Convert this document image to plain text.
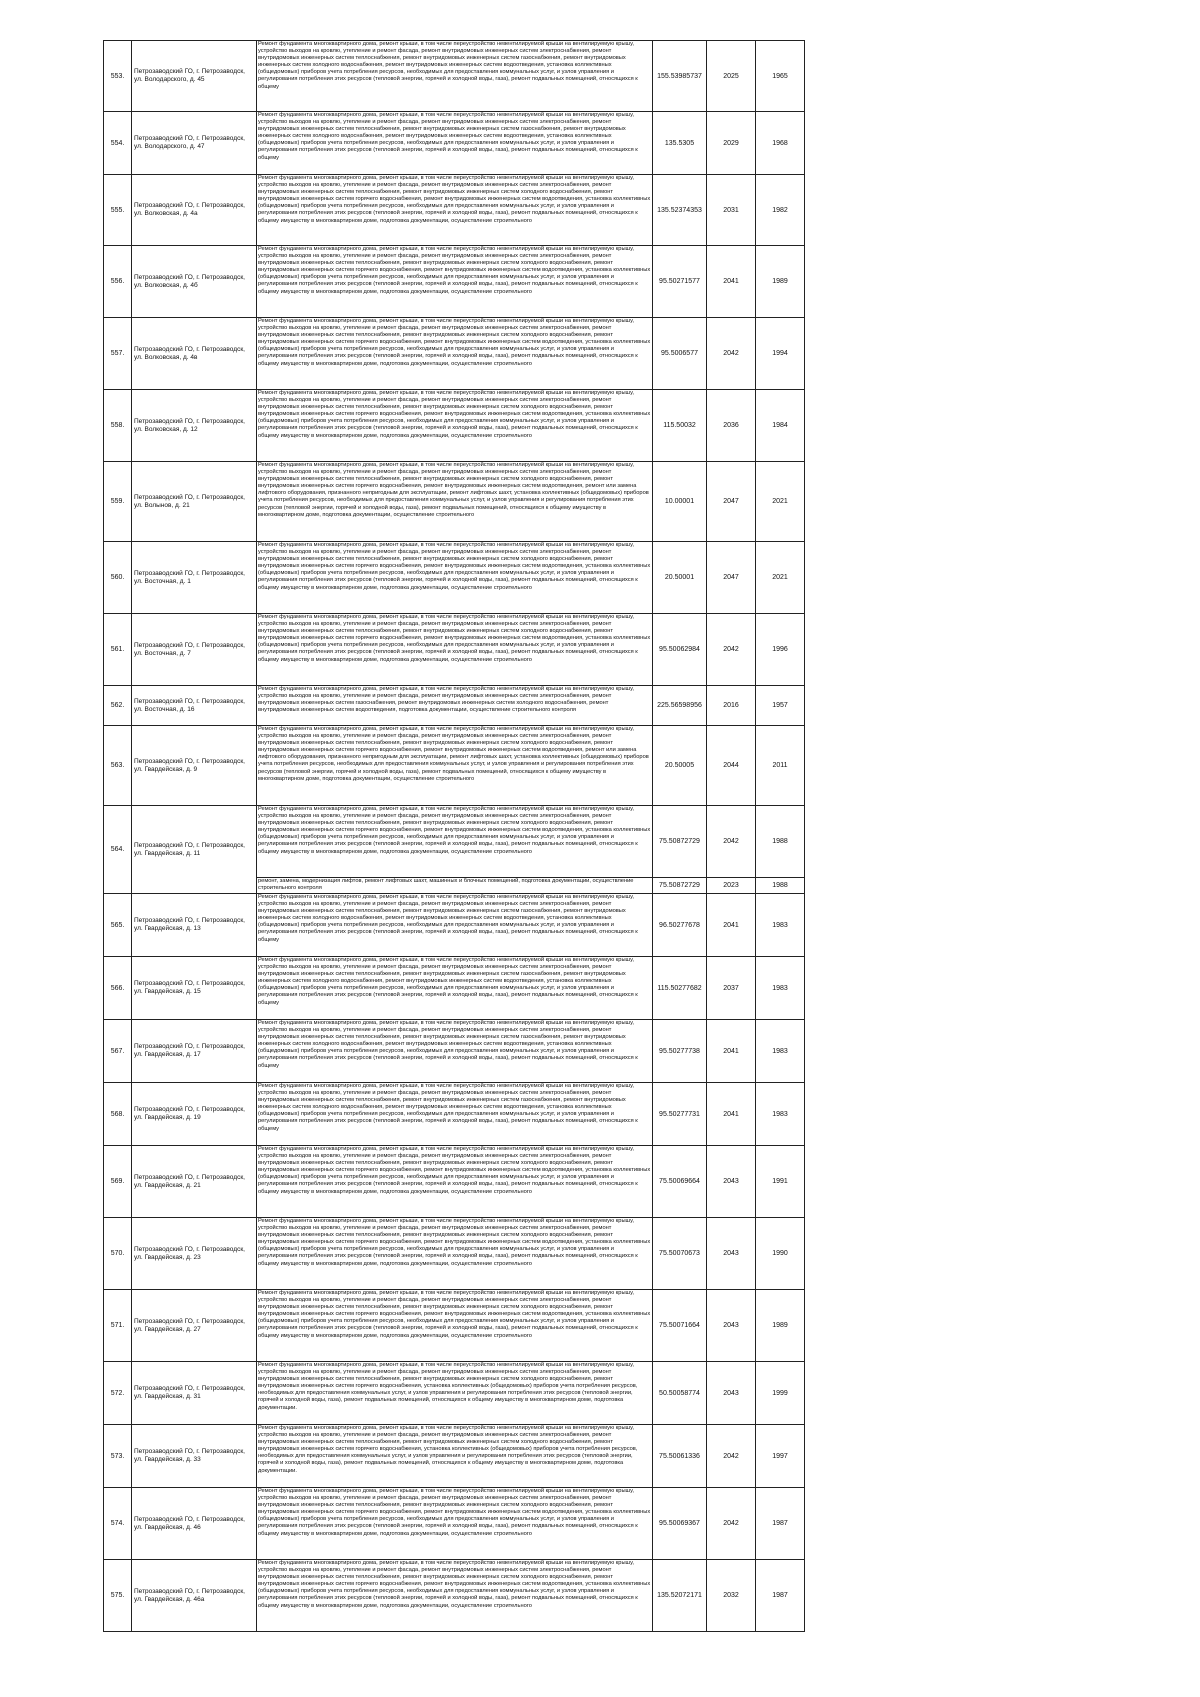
553.	Петрозаводский ГО, г. Петрозаводск, ул. Володарского, д. 45	Ремонт фундамента многоквартирного дома, ремонт крыши, в том числе переустройство невентилируемой крыши на вентилируемую крышу, устройство выходов на кровлю, утепление и ремонт фасада, ремонт внутридомовых инженерных систем электроснабжения, ремонт внутридомовых инженерных систем теплоснабжения, ремонт внутридомовых инженерных систем газоснабжения, ремонт внутридомовых инженерных систем холодного водоснабжения, ремонт внутридомовых инженерных систем водоотведения, установка коллективных (общедомовых) приборов учета потребления ресурсов, необходимых для предоставления коммунальных услуг, и узлов управления и регулирования потребления этих ресурсов (тепловой энергии, горячей и холодной воды, газа), ремонт подвальных помещений, относящихся к общему	155.53985737	2025	1965
554.	Петрозаводский ГО, г. Петрозаводск, ул. Володарского, д. 47	Ремонт фундамента многоквартирного дома, ремонт крыши, в том числе переустройство невентилируемой крыши на вентилируемую крышу, устройство выходов на кровлю, утепление и ремонт фасада, ремонт внутридомовых инженерных систем электроснабжения, ремонт внутридомовых инженерных систем теплоснабжения, ремонт внутридомовых инженерных систем газоснабжения, ремонт внутридомовых инженерных систем холодного водоснабжения, ремонт внутридомовых инженерных систем водоотведения, установка коллективных (общедомовых) приборов учета потребления ресурсов, необходимых для предоставления коммунальных услуг, и узлов управления и регулирования потребления этих ресурсов (тепловой энергии, горячей и холодной воды, газа), ремонт подвальных помещений, относящихся к общему	135.5305	2029	1968
555.	Петрозаводский ГО, г. Петрозаводск, ул. Волковская, д. 4а	Ремонт фундамента многоквартирного дома, ремонт крыши, в том числе переустройство невентилируемой крыши на вентилируемую крышу, устройство выходов на кровлю, утепление и ремонт фасада, ремонт внутридомовых инженерных систем электроснабжения, ремонт внутридомовых инженерных систем теплоснабжения, ремонт внутридомовых инженерных систем холодного водоснабжения, ремонт внутридомовых инженерных систем горячего водоснабжения, ремонт внутридомовых инженерных систем водоотведения, установка коллективных (общедомовых) приборов учета потребления ресурсов, необходимых для предоставления коммунальных услуг, и узлов управления и регулирования потребления этих ресурсов (тепловой энергии, горячей и холодной воды, газа), ремонт подвальных помещений, относящихся к общему имуществу в многоквартирном доме, подготовка документации, осуществление строительного	135.52374353	2031	1982
556.	Петрозаводский ГО, г. Петрозаводск, ул. Волковская, д. 4б	Ремонт фундамента многоквартирного дома, ремонт крыши, в том числе переустройство невентилируемой крыши на вентилируемую крышу, устройство выходов на кровлю, утепление и ремонт фасада, ремонт внутридомовых инженерных систем электроснабжения, ремонт внутридомовых инженерных систем теплоснабжения, ремонт внутридомовых инженерных систем холодного водоснабжения, ремонт внутридомовых инженерных систем горячего водоснабжения, ремонт внутридомовых инженерных систем водоотведения, установка коллективных (общедомовых) приборов учета потребления ресурсов, необходимых для предоставления коммунальных услуг, и узлов управления и регулирования потребления этих ресурсов (тепловой энергии, горячей и холодной воды, газа), ремонт подвальных помещений, относящихся к общему имуществу в многоквартирном доме, подготовка документации, осуществление строительного	95.50271577	2041	1989
557.	Петрозаводский ГО, г. Петрозаводск, ул. Волковская, д. 4в	Ремонт фундамента многоквартирного дома, ремонт крыши, в том числе переустройство невентилируемой крыши на вентилируемую крышу, устройство выходов на кровлю, утепление и ремонт фасада, ремонт внутридомовых инженерных систем электроснабжения, ремонт внутридомовых инженерных систем теплоснабжения, ремонт внутридомовых инженерных систем холодного водоснабжения, ремонт внутридомовых инженерных систем горячего водоснабжения, ремонт внутридомовых инженерных систем водоотведения, установка коллективных (общедомовых) приборов учета потребления ресурсов, необходимых для предоставления коммунальных услуг, и узлов управления и регулирования потребления этих ресурсов (тепловой энергии, горячей и холодной воды, газа), ремонт подвальных помещений, относящихся к общему имуществу в многоквартирном доме, подготовка документации, осуществление строительного	95.5006577	2042	1994
558.	Петрозаводский ГО, г. Петрозаводск, ул. Волковская, д. 12	Ремонт фундамента многоквартирного дома, ремонт крыши, в том числе переустройство невентилируемой крыши на вентилируемую крышу, устройство выходов на кровлю, утепление и ремонт фасада, ремонт внутридомовых инженерных систем электроснабжения, ремонт внутридомовых инженерных систем теплоснабжения, ремонт внутридомовых инженерных систем холодного водоснабжения, ремонт внутридомовых инженерных систем горячего водоснабжения, ремонт внутридомовых инженерных систем водоотведения, установка коллективных (общедомовых) приборов учета потребления ресурсов, необходимых для предоставления коммунальных услуг, и узлов управления и регулирования потребления этих ресурсов (тепловой энергии, горячей и холодной воды, газа), ремонт подвальных помещений, относящихся к общему имуществу в многоквартирном доме, подготовка документации, осуществление строительного	115.50032	2036	1984
559.	Петрозаводский ГО, г. Петрозаводск, ул. Волынов, д. 21	Ремонт фундамента многоквартирного дома, ремонт крыши, в том числе переустройство невентилируемой крыши на вентилируемую крышу, устройство выходов на кровлю, утепление и ремонт фасада, ремонт внутридомовых инженерных систем электроснабжения, ремонт внутридомовых инженерных систем теплоснабжения, ремонт внутридомовых инженерных систем холодного водоснабжения, ремонт внутридомовых инженерных систем горячего водоснабжения, ремонт внутридомовых инженерных систем водоотведения, ремонт или замена лифтового оборудования, признанного непригодным для эксплуатации, ремонт лифтовых шахт, установка коллективных (общедомовых) приборов учета потребления ресурсов, необходимых для предоставления коммунальных услуг, и узлов управления и регулирования потребления этих ресурсов (тепловой энергии, горячей и холодной воды, газа), ремонт подвальных помещений, относящихся к общему имуществу в многоквартирном доме, подготовка документации, осуществление строительного	10.00001	2047	2021
560.	Петрозаводский ГО, г. Петрозаводск, ул. Восточная, д. 1	Ремонт фундамента многоквартирного дома, ремонт крыши, в том числе переустройство невентилируемой крыши на вентилируемую крышу, устройство выходов на кровлю, утепление и ремонт фасада, ремонт внутридомовых инженерных систем электроснабжения, ремонт внутридомовых инженерных систем теплоснабжения, ремонт внутридомовых инженерных систем холодного водоснабжения, ремонт внутридомовых инженерных систем горячего водоснабжения, ремонт внутридомовых инженерных систем водоотведения, установка коллективных (общедомовых) приборов учета потребления ресурсов, необходимых для предоставления коммунальных услуг, и узлов управления и регулирования потребления этих ресурсов (тепловой энергии, горячей и холодной воды, газа), ремонт подвальных помещений, относящихся к общему имуществу в многоквартирном доме, подготовка документации, осуществление строительного	20.50001	2047	2021
561.	Петрозаводский ГО, г. Петрозаводск, ул. Восточная, д. 7	Ремонт фундамента многоквартирного дома, ремонт крыши, в том числе переустройство невентилируемой крыши на вентилируемую крышу, устройство выходов на кровлю, утепление и ремонт фасада, ремонт внутридомовых инженерных систем электроснабжения, ремонт внутридомовых инженерных систем теплоснабжения, ремонт внутридомовых инженерных систем холодного водоснабжения, ремонт внутридомовых инженерных систем горячего водоснабжения, ремонт внутридомовых инженерных систем водоотведения, установка коллективных (общедомовых) приборов учета потребления ресурсов, необходимых для предоставления коммунальных услуг, и узлов управления и регулирования потребления этих ресурсов (тепловой энергии, горячей и холодной воды, газа), ремонт подвальных помещений, относящихся к общему имуществу в многоквартирном доме, подготовка документации, осуществление строительного	95.50062984	2042	1996
562.	Петрозаводский ГО, г. Петрозаводск, ул. Восточная, д. 16	Ремонт фундамента многоквартирного дома, ремонт крыши, в том числе переустройство невентилируемой крыши на вентилируемую крышу, устройство выходов на кровлю, утепление и ремонт фасада, ремонт внутридомовых инженерных систем электроснабжения, ремонт внутридомовых инженерных систем газоснабжения, ремонт внутридомовых инженерных систем холодного водоснабжения, ремонт внутридомовых инженерных систем водоотведения, подготовка документации, осуществление строительного контроля	225.56598956	2016	1957
563.	Петрозаводский ГО, г. Петрозаводск, ул. Гвардейская, д. 9	Ремонт фундамента многоквартирного дома, ремонт крыши, в том числе переустройство невентилируемой крыши на вентилируемую крышу, устройство выходов на кровлю, утепление и ремонт фасада, ремонт внутридомовых инженерных систем электроснабжения, ремонт внутридомовых инженерных систем теплоснабжения, ремонт внутридомовых инженерных систем холодного водоснабжения, ремонт внутридомовых инженерных систем горячего водоснабжения, ремонт внутридомовых инженерных систем водоотведения, ремонт или замена лифтового оборудования, признанного непригодным для эксплуатации, ремонт лифтовых шахт, установка коллективных (общедомовых) приборов учета потребления ресурсов, необходимых для предоставления коммунальных услуг, и узлов управления и регулирования потребления этих ресурсов (тепловой энергии, горячей и холодной воды, газа), ремонт подвальных помещений, относящихся к общему имуществу в многоквартирном доме, подготовка документации, осуществление строительного	20.50005	2044	2011
564.	Петрозаводский ГО, г. Петрозаводск, ул. Гвардейская, д. 11	Ремонт фундамента многоквартирного дома, ремонт крыши, в том числе переустройство невентилируемой крыши на вентилируемую крышу, устройство выходов на кровлю, утепление и ремонт фасада, ремонт внутридомовых инженерных систем электроснабжения, ремонт внутридомовых инженерных систем теплоснабжения, ремонт внутридомовых инженерных систем холодного водоснабжения, ремонт внутридомовых инженерных систем горячего водоснабжения, ремонт внутридомовых инженерных систем водоотведения, установка коллективных (общедомовых) приборов учета потребления ресурсов, необходимых для предоставления коммунальных услуг, и узлов управления и регулирования потребления этих ресурсов (тепловой энергии, горячей и холодной воды, газа), ремонт подвальных помещений, относящихся к общему имуществу в многоквартирном доме, подготовка документации, осуществление строительного	75.50872729	2042	1988

		ремонт, замена, модернизация лифтов, ремонт лифтовых шахт, машинных и блочных помещений, подготовка документации, осуществление строительного контроля	75.50872729	2023	1988
565.	Петрозаводский ГО, г. Петрозаводск, ул. Гвардейская, д. 13	Ремонт фундамента многоквартирного дома, ремонт крыши, в том числе переустройство невентилируемой крыши на вентилируемую крышу, устройство выходов на кровлю, утепление и ремонт фасада, ремонт внутридомовых инженерных систем электроснабжения, ремонт внутридомовых инженерных систем теплоснабжения, ремонт внутридомовых инженерных систем газоснабжения, ремонт внутридомовых инженерных систем холодного водоснабжения, ремонт внутридомовых инженерных систем водоотведения, установка коллективных (общедомовых) приборов учета потребления ресурсов, необходимых для предоставления коммунальных услуг, и узлов управления и регулирования потребления этих ресурсов (тепловой энергии, горячей и холодной воды, газа), ремонт подвальных помещений, относящихся к общему	96.50277678	2041	1983
566.	Петрозаводский ГО, г. Петрозаводск, ул. Гвардейская, д. 15	Ремонт фундамента многоквартирного дома, ремонт крыши, в том числе переустройство невентилируемой крыши на вентилируемую крышу, устройство выходов на кровлю, утепление и ремонт фасада, ремонт внутридомовых инженерных систем электроснабжения, ремонт внутридомовых инженерных систем теплоснабжения, ремонт внутридомовых инженерных систем газоснабжения, ремонт внутридомовых инженерных систем холодного водоснабжения, ремонт внутридомовых инженерных систем водоотведения, установка коллективных (общедомовых) приборов учета потребления ресурсов, необходимых для предоставления коммунальных услуг, и узлов управления и регулирования потребления этих ресурсов (тепловой энергии, горячей и холодной воды, газа), ремонт подвальных помещений, относящихся к общему	115.50277682	2037	1983
567.	Петрозаводский ГО, г. Петрозаводск, ул. Гвардейская, д. 17	Ремонт фундамента многоквартирного дома, ремонт крыши, в том числе переустройство невентилируемой крыши на вентилируемую крышу, устройство выходов на кровлю, утепление и ремонт фасада, ремонт внутридомовых инженерных систем электроснабжения, ремонт внутридомовых инженерных систем теплоснабжения, ремонт внутридомовых инженерных систем газоснабжения, ремонт внутридомовых инженерных систем холодного водоснабжения, ремонт внутридомовых инженерных систем водоотведения, установка коллективных (общедомовых) приборов учета потребления ресурсов, необходимых для предоставления коммунальных услуг, и узлов управления и регулирования потребления этих ресурсов (тепловой энергии, горячей и холодной воды, газа), ремонт подвальных помещений, относящихся к общему	95.50277738	2041	1983
568.	Петрозаводский ГО, г. Петрозаводск, ул. Гвардейская, д. 19	Ремонт фундамента многоквартирного дома, ремонт крыши, в том числе переустройство невентилируемой крыши на вентилируемую крышу, устройство выходов на кровлю, утепление и ремонт фасада, ремонт внутридомовых инженерных систем электроснабжения, ремонт внутридомовых инженерных систем теплоснабжения, ремонт внутридомовых инженерных систем газоснабжения, ремонт внутридомовых инженерных систем холодного водоснабжения, ремонт внутридомовых инженерных систем водоотведения, установка коллективных (общедомовых) приборов учета потребления ресурсов, необходимых для предоставления коммунальных услуг, и узлов управления и регулирования потребления этих ресурсов (тепловой энергии, горячей и холодной воды, газа), ремонт подвальных помещений, относящихся к общему	95.50277731	2041	1983
569.	Петрозаводский ГО, г. Петрозаводск, ул. Гвардейская, д. 21	Ремонт фундамента многоквартирного дома, ремонт крыши, в том числе переустройство невентилируемой крыши на вентилируемую крышу, устройство выходов на кровлю, утепление и ремонт фасада, ремонт внутридомовых инженерных систем электроснабжения, ремонт внутридомовых инженерных систем теплоснабжения, ремонт внутридомовых инженерных систем холодного водоснабжения, ремонт внутридомовых инженерных систем горячего водоснабжения, ремонт внутридомовых инженерных систем водоотведения, установка коллективных (общедомовых) приборов учета потребления ресурсов, необходимых для предоставления коммунальных услуг, и узлов управления и регулирования потребления этих ресурсов (тепловой энергии, горячей и холодной воды, газа), ремонт подвальных помещений, относящихся к общему имуществу в многоквартирном доме, подготовка документации, осуществление строительного	75.50069664	2043	1991
570.	Петрозаводский ГО, г. Петрозаводск, ул. Гвардейская, д. 23	Ремонт фундамента многоквартирного дома, ремонт крыши, в том числе переустройство невентилируемой крыши на вентилируемую крышу, устройство выходов на кровлю, утепление и ремонт фасада, ремонт внутридомовых инженерных систем электроснабжения, ремонт внутридомовых инженерных систем теплоснабжения, ремонт внутридомовых инженерных систем холодного водоснабжения, ремонт внутридомовых инженерных систем горячего водоснабжения, ремонт внутридомовых инженерных систем водоотведения, установка коллективных (общедомовых) приборов учета потребления ресурсов, необходимых для предоставления коммунальных услуг, и узлов управления и регулирования потребления этих ресурсов (тепловой энергии, горячей и холодной воды, газа), ремонт подвальных помещений, относящихся к общему имуществу в многоквартирном доме, подготовка документации, осуществление строительного	75.50070673	2043	1990
571.	Петрозаводский ГО, г. Петрозаводск, ул. Гвардейская, д. 27	Ремонт фундамента многоквартирного дома, ремонт крыши, в том числе переустройство невентилируемой крыши на вентилируемую крышу, устройство выходов на кровлю, утепление и ремонт фасада, ремонт внутридомовых инженерных систем электроснабжения, ремонт внутридомовых инженерных систем теплоснабжения, ремонт внутридомовых инженерных систем холодного водоснабжения, ремонт внутридомовых инженерных систем горячего водоснабжения, ремонт внутридомовых инженерных систем водоотведения, установка коллективных (общедомовых) приборов учета потребления ресурсов, необходимых для предоставления коммунальных услуг, и узлов управления и регулирования потребления этих ресурсов (тепловой энергии, горячей и холодной воды, газа), ремонт подвальных помещений, относящихся к общему имуществу в многоквартирном доме, подготовка документации, осуществление строительного	75.50071664	2043	1989
572.	Петрозаводский ГО, г. Петрозаводск, ул. Гвардейская, д. 31	Ремонт фундамента многоквартирного дома, ремонт крыши, в том числе переустройство невентилируемой крыши на вентилируемую крышу, устройство выходов на кровлю, утепление и ремонт фасада, ремонт внутридомовых инженерных систем электроснабжения, ремонт внутридомовых инженерных систем теплоснабжения, ремонт внутридомовых инженерных систем холодного водоснабжения, ремонт внутридомовых инженерных систем горячего водоснабжения, установка коллективных (общедомовых) приборов учета потребления ресурсов, необходимых для предоставления коммунальных услуг, и узлов управления и регулирования потребления этих ресурсов (тепловой энергии, горячей и холодной воды, газа), ремонт подвальных помещений, относящихся к общему имуществу в многоквартирном доме, подготовка документации.	50.50058774	2043	1999
573.	Петрозаводский ГО, г. Петрозаводск, ул. Гвардейская, д. 33	Ремонт фундамента многоквартирного дома, ремонт крыши, в том числе переустройство невентилируемой крыши на вентилируемую крышу, устройство выходов на кровлю, утепление и ремонт фасада, ремонт внутридомовых инженерных систем электроснабжения, ремонт внутридомовых инженерных систем теплоснабжения, ремонт внутридомовых инженерных систем холодного водоснабжения, ремонт внутридомовых инженерных систем горячего водоснабжения, установка коллективных (общедомовых) приборов учета потребления ресурсов, необходимых для предоставления коммунальных услуг, и узлов управления и регулирования потребления этих ресурсов (тепловой энергии, горячей и холодной воды, газа), ремонт подвальных помещений, относящихся к общему имуществу в многоквартирном доме, подготовка документации.	75.50061336	2042	1997
574.	Петрозаводский ГО, г. Петрозаводск, ул. Гвардейская, д. 46	Ремонт фундамента многоквартирного дома, ремонт крыши, в том числе переустройство невентилируемой крыши на вентилируемую крышу, устройство выходов на кровлю, утепление и ремонт фасада, ремонт внутридомовых инженерных систем электроснабжения, ремонт внутридомовых инженерных систем теплоснабжения, ремонт внутридомовых инженерных систем холодного водоснабжения, ремонт внутридомовых инженерных систем горячего водоснабжения, ремонт внутридомовых инженерных систем водоотведения, установка коллективных (общедомовых) приборов учета потребления ресурсов, необходимых для предоставления коммунальных услуг, и узлов управления и регулирования потребления этих ресурсов (тепловой энергии, горячей и холодной воды, газа), ремонт подвальных помещений, относящихся к общему имуществу в многоквартирном доме, подготовка документации, осуществление строительного	95.50069367	2042	1987
575.	Петрозаводский ГО, г. Петрозаводск, ул. Гвардейская, д. 46а	Ремонт фундамента многоквартирного дома, ремонт крыши, в том числе переустройство невентилируемой крыши на вентилируемую крышу, устройство выходов на кровлю, утепление и ремонт фасада, ремонт внутридомовых инженерных систем электроснабжения, ремонт внутридомовых инженерных систем теплоснабжения, ремонт внутридомовых инженерных систем холодного водоснабжения, ремонт внутридомовых инженерных систем горячего водоснабжения, ремонт внутридомовых инженерных систем водоотведения, установка коллективных (общедомовых) приборов учета потребления ресурсов, необходимых для предоставления коммунальных услуг, и узлов управления и регулирования потребления этих ресурсов (тепловой энергии, горячей и холодной воды, газа), ремонт подвальных помещений, относящихся к общему имуществу в многоквартирном доме, подготовка документации, осуществление строительного	135.52072171	2032	1987
